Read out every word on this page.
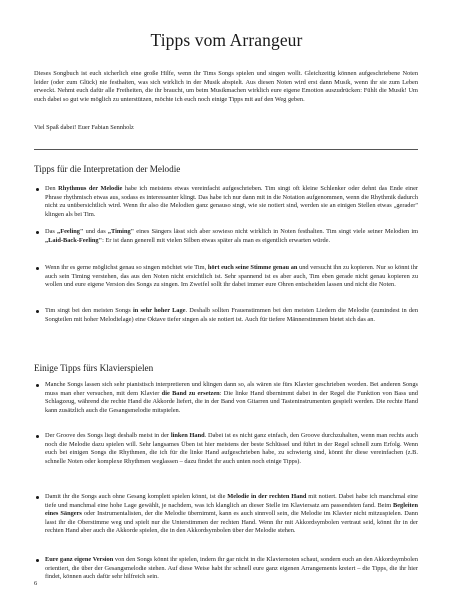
Tipps vom Arrangeur

Dieses Songbuch ist euch sicherlich eine große Hilfe, wenn ihr Tims Songs spielen und singen wollt. Gleichzeitig können aufgeschriebene Noten leider (oder zum Glück) nie festhalten, was sich wirklich in der Musik abspielt. Aus diesen Noten wird erst dann Musik, wenn ihr sie zum Leben erweckt. Nehmt euch dafür alle Freiheiten, die ihr braucht, um beim Musikmachen wirklich eure eigene Emotion auszudrücken: Fühlt die Musik! Um euch dabei so gut wie möglich zu unterstützen, möchte ich euch noch einige Tipps mit auf den Weg geben.

Viel Spaß dabei! Euer Fabian Sennholz

Tipps für die Interpretation der Melodie

Den Rhythmus der Melodie habe ich meistens etwas vereinfacht aufgeschrieben. Tim singt oft kleine Schlenker oder dehnt das Ende einer Phrase rhythmisch etwas aus, sodass es interessanter klingt. Das habe ich nur dann mit in die Notation aufgenommen, wenn die Rhythmik dadurch nicht zu unübersichtlich wird. Wenn ihr also die Melodien ganz genauso singt, wie sie notiert sind, werden sie an einigen Stellen etwas „gerader" klingen als bei Tim.

Das „Feeling" und das „Timing" eines Sängers lässt sich aber sowieso nicht wirklich in Noten festhalten. Tim singt viele seiner Melodien im „Laid-Back-Feeling": Er ist dann generell mit vielen Silben etwas später als man es eigentlich erwarten würde.

Wenn ihr es gerne möglichst genau so singen möchtet wie Tim, hört euch seine Stimme genau an und versucht ihn zu kopieren. Nur so könnt ihr auch sein Timing verstehen, das aus den Noten nicht ersichtlich ist. Sehr spannend ist es aber auch, Tim eben gerade nicht genau kopieren zu wollen und eure eigene Version des Songs zu singen. Im Zweifel sollt ihr dabei immer eure Ohren entscheiden lassen und nicht die Noten.

Tim singt bei den meisten Songs in sehr hoher Lage. Deshalb sollten Frauenstimmen bei den meisten Liedern die Melodie (zumindest in den Songteilen mit hoher Melodielage) eine Oktave tiefer singen als sie notiert ist. Auch für tiefere Männerstimmen bietet sich das an.

Einige Tipps fürs Klavierspielen

Manche Songs lassen sich sehr pianistisch interpretieren und klingen dann so, als wären sie fürs Klavier geschrieben worden. Bei anderen Songs muss man eher versuchen, mit dem Klavier die Band zu ersetzen: Die linke Hand übernimmt dabei in der Regel die Funktion von Bass und Schlagzeug, während die rechte Hand die Akkorde liefert, die in der Band von Gitarren und Tasteninstrumenten gespielt werden. Die rechte Hand kann zusätzlich auch die Gesangsmelodie mitspielen.

Der Groove des Songs liegt deshalb meist in der linken Hand. Dabei ist es nicht ganz einfach, den Groove durchzuhalten, wenn man rechts auch noch die Melodie dazu spielen will. Sehr langsames Üben ist hier meistens der beste Schlüssel und führt in der Regel schnell zum Erfolg. Wenn euch bei einigen Songs die Rhythmen, die ich für die linke Hand aufgeschrieben habe, zu schwierig sind, könnt ihr diese vereinfachen (z.B. schnelle Noten oder komplexe Rhythmen weglassen – dazu findet ihr auch unten noch einige Tipps).

Damit ihr die Songs auch ohne Gesang komplett spielen könnt, ist die Melodie in der rechten Hand mit notiert. Dabei habe ich manchmal eine tiefe und manchmal eine hohe Lage gewählt, je nachdem, was ich klanglich an dieser Stelle im Klaviersatz am passendsten fand. Beim Begleiten eines Sängers oder Instrumentalisten, der die Melodie übernimmt, kann es auch sinnvoll sein, die Melodie im Klavier nicht mitzuspielen. Dann lasst ihr die Oberstimme weg und spielt nur die Unterstimmen der rechten Hand. Wenn ihr mit Akkordsymbolen vertraut seid, könnt ihr in der rechten Hand aber auch die Akkorde spielen, die in den Akkordsymbolen über der Melodie stehen.

Eure ganz eigene Version von den Songs könnt ihr spielen, indem ihr gar nicht in die Klaviernoten schaut, sondern euch an den Akkordsymbolen orientiert, die über der Gesangsmelodie stehen. Auf diese Weise habt ihr schnell eure ganz eigenen Arrangements kreiert – die Tipps, die ihr hier findet, können auch dafür sehr hilfreich sein.

6
